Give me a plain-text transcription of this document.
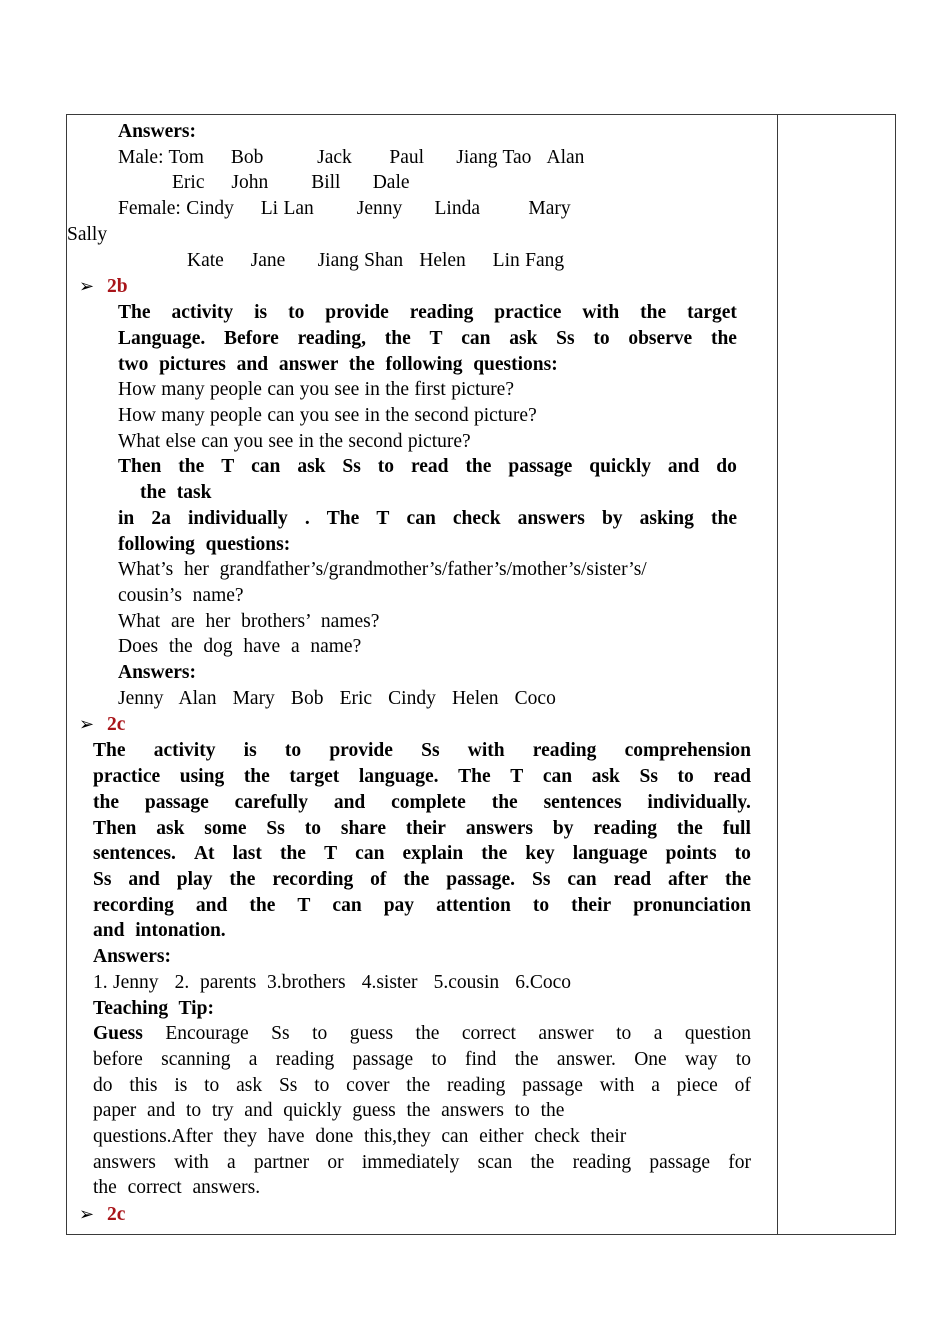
Answers:
Male: Tom     Bob          Jack       Paul      Jiang Tao   Alan
Eric     John        Bill      Dale
Female: Cindy     Li Lan        Jenny      Linda         Mary
Sally
Kate     Jane      Jiang Shan   Helen     Lin Fang
➢ 2b
The activity is to provide reading practice with the target
Language. Before reading, the T can ask Ss to observe the
two  pictures  and  answer  the  following  questions:
How many people can you see in the first picture?
How many people can you see in the second picture?
What else can you see in the second picture?
Then the T can ask Ss to read the passage quickly and do
the  task
in 2a individually . The T can check answers by asking the
following  questions:
What’s  her  grandfather’s/grandmother’s/father’s/mother’s/sister’s/
cousin’s  name?
What  are  her  brothers’  names?
Does  the  dog  have  a  name?
Answers:
Jenny   Alan   Mary   Bob   Eric   Cindy   Helen   Coco
➢ 2c
The activity is to provide Ss with reading comprehension
practice using the target language. The T can ask Ss to read
the passage carefully and complete the sentences individually.
Then ask some Ss to share their answers by reading the full
sentences. At last the T can explain the key language points to
Ss and play the recording of the passage. Ss can read after the
recording and the T can pay attention to their pronunciation
and  intonation.
Answers:
1. Jenny   2.  parents  3.brothers   4.sister   5.cousin   6.Coco
Teaching  Tip:
Guess Encourage Ss to guess the correct answer to a question
before scanning a reading passage to find the answer. One way to
do this is to ask Ss to cover the reading passage with a piece of
paper  and  to  try  and  quickly  guess  the  answers  to  the
questions.After  they  have  done  this,they  can  either  check  their
answers with a partner or immediately scan the reading passage for
the  correct  answers.
➢ 2c
